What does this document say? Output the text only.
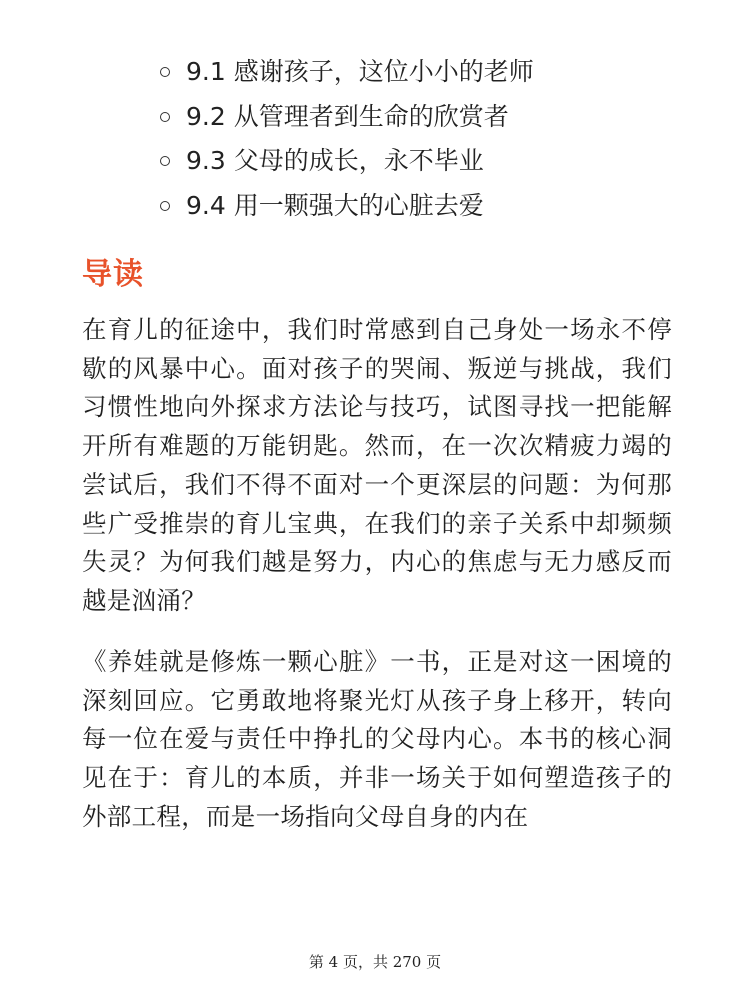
9.1 感谢孩子，这位小小的老师
9.2 从管理者到生命的欣赏者
9.3 父母的成长，永不毕业
9.4 用一颗强大的心脏去爱
导读

在育儿的征途中，我们时常感到自己身处一场永不停歇的风暴中心。面对孩子的哭闹、叛逆与挑战，我们习惯性地向外探求方法论与技巧，试图寻找一把能解开所有难题的万能钥匙。然而，在一次次精疲力竭的尝试后，我们不得不面对一个更深层的问题：为何那些广受推崇的育儿宝典，在我们的亲子关系中却频频失灵？为何我们越是努力，内心的焦虑与无力感反而越是汹涌？

《养娃就是修炼一颗心脏》一书，正是对这一困境的深刻回应。它勇敢地将聚光灯从孩子身上移开，转向每一位在爱与责任中挣扎的父母内心。本书的核心洞见在于：育儿的本质，并非一场关于如何塑造孩子的外部工程，而是一场指向父母自身的内在

第 4 页，共 270 页
